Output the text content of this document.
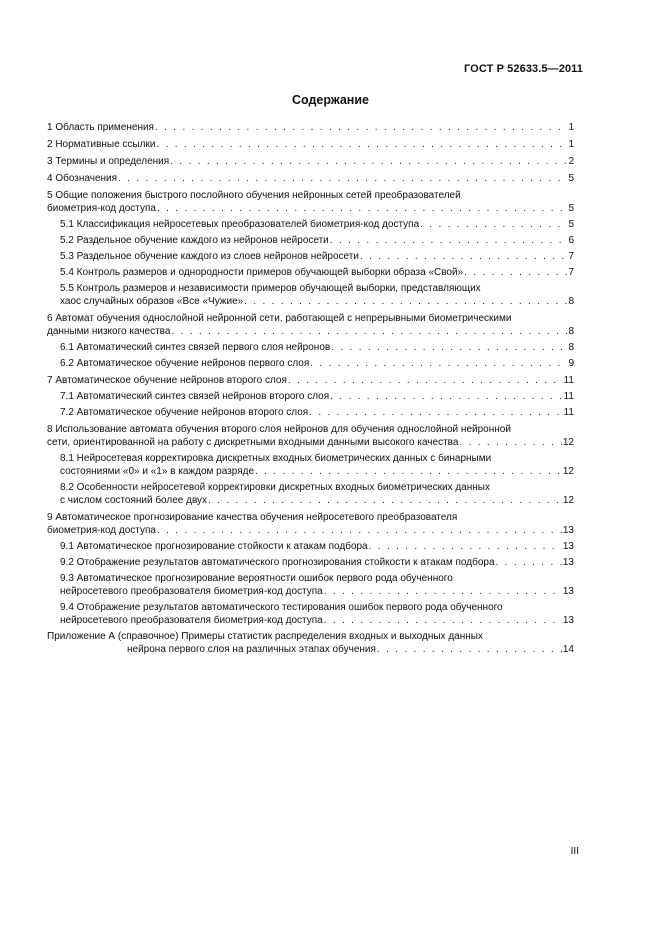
ГОСТ Р 52633.5—2011
Содержание
1 Область применения . . .	1
2 Нормативные ссылки . . .	1
3 Термины и определения . . .	2
4 Обозначения . . .	5
5 Общие положения быстрого послойного обучения нейронных сетей преобразователей
биометрия-код доступа . . .	5
5.1 Классификация нейросетевых преобразователей биометрия-код доступа . . .	5
5.2 Раздельное обучение каждого из нейронов нейросети . . .	6
5.3 Раздельное обучение каждого из слоев нейронов нейросети . . .	7
5.4 Контроль размеров и однородности примеров обучающей выборки образа «Свой» . . .	7
5.5 Контроль размеров и независимости примеров обучающей выборки, представляющих
хаос случайных образов «Все «Чужие» . . .	8
6 Автомат обучения однослойной нейронной сети, работающей с непрерывными биометрическими
данными низкого качества . . .	8
6.1 Автоматический синтез связей первого слоя нейронов . . .	8
6.2 Автоматическое обучение нейронов первого слоя . . .	9
7 Автоматическое обучение нейронов второго слоя . . .	11
7.1 Автоматический синтез связей нейронов второго слоя . . .	11
7.2 Автоматическое обучение нейронов второго слоя . . .	11
8 Использование автомата обучения второго слоя нейронов для обучения однослойной нейронной
сети, ориентированной на работу с дискретными входными данными высокого качества . . .	12
8.1 Нейросетевая корректировка дискретных входных биометрических данных с бинарными
состояниями «0» и «1» в каждом разряде . . .	12
8.2 Особенности нейросетевой корректировки дискретных входных биометрических данных
с числом состояний более двух . . .	12
9 Автоматическое прогнозирование качества обучения нейросетевого преобразователя
биометрия-код доступа . . .	13
9.1 Автоматическое прогнозирование стойкости к атакам подбора . . .	13
9.2 Отображение результатов автоматического прогнозирования стойкости к атакам подбора . . .	13
9.3 Автоматическое прогнозирование вероятности ошибок первого рода обученного
нейросетевого преобразователя биометрия-код доступа . . .	13
9.4 Отображение результатов автоматического тестирования ошибок первого рода обученного
нейросетевого преобразователя биометрия-код доступа . . .	13
Приложение А (справочное) Примеры статистик распределения входных и выходных данных
нейрона первого слоя на различных этапах обучения . . .	14
III
